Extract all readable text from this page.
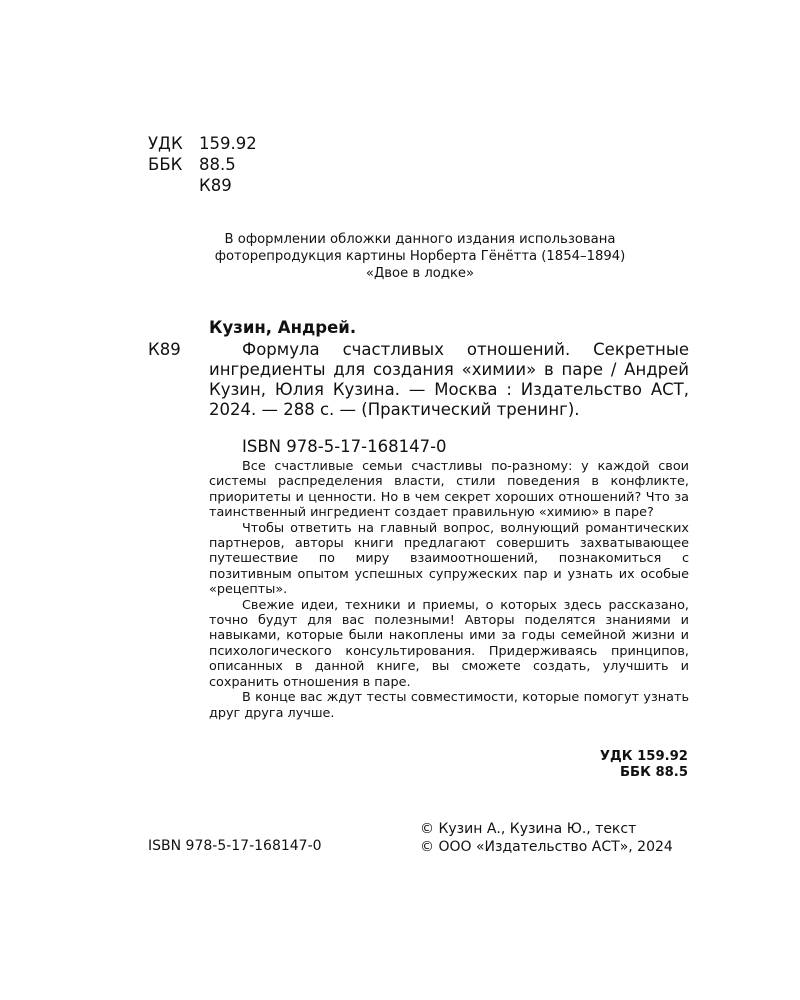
УДК 159.92
ББК	88.5
К89
В оформлении обложки данного издания использована
фоторепродукция картины Норберта Гёнётта (1854–1894)
«Двое в лодке»
Кузин, Андрей.
К89	Формула счастливых отношений. Секретные ингредиенты для создания «химии» в паре / Андрей Кузин, Юлия Кузина. — Москва : Издательство АСТ, 2024. — 288 с. — (Практический тренинг).
ISBN 978-5-17-168147-0

Все счастливые семьи счастливы по-разному: у каждой свои системы распределения власти, стили поведения в конфликте, приоритеты и ценности. Но в чем секрет хороших отношений? Что за таинственный ингредиент создает правильную «химию» в паре?

Чтобы ответить на главный вопрос, волнующий романтических партнеров, авторы книги предлагают совершить захватывающее путешествие по миру взаимоотношений, познакомиться с позитивным опытом успешных супружеских пар и узнать их особые «рецепты».

Свежие идеи, техники и приемы, о которых здесь рассказано, точно будут для вас полезными! Авторы поделятся знаниями и навыками, которые были накоплены ими за годы семейной жизни и психологического консультирования. Придерживаясь принципов, описанных в данной книге, вы сможете создать, улучшить и сохранить отношения в паре.

В конце вас ждут тесты совместимости, которые помогут узнать друг друга лучше.

УДК 159.92
ББК 88.5
ISBN 978-5-17-168147-0
© Кузин А., Кузина Ю., текст
© ООО «Издательство АСТ», 2024
